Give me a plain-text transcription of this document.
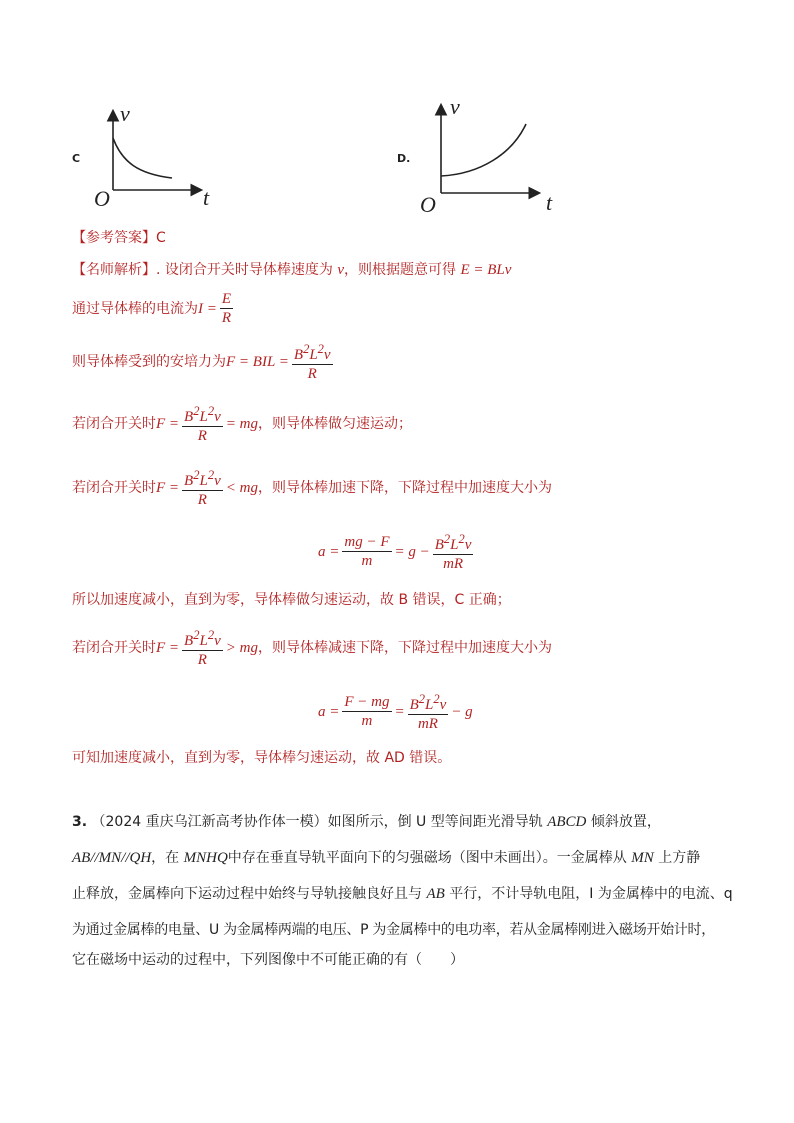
C
v
O	t
D.
v
O	t
【参考答案】C
【名师解析】. 设闭合开关时导体棒速度为 v，则根据题意可得 E = BLv
通过导体棒的电流为 $I = \frac{E}{R}$
则导体棒受到的安培力为 F = BIL = $\frac{B^2L^2v}{R}$
若闭合开关时 $F = \frac{B^2L^2v}{R}$ = mg ，则导体棒做匀速运动；
若闭合开关时 $F = \frac{B^2L^2v}{R}$ < mg ，则导体棒加速下降，下降过程中加速度大小为
$a = \frac{mg - F}{m} = g - \frac{B^2L^2v}{mR}$
所以加速度减小，直到为零，导体棒做匀速运动，故 B 错误，C 正确；
若闭合开关时 $F = \frac{B^2L^2v}{R}$ > mg ，则导体棒减速下降，下降过程中加速度大小为
$a = \frac{F - mg}{m} = \frac{B^2L^2v}{mR} - g$
可知加速度减小，直到为零，导体棒匀速运动，故 AD 错误。
3. （2024 重庆乌江新高考协作体一模）如图所示，倒 U 型等间距光滑导轨 ABCD 倾斜放置，
AB//MN//QH，在 MNHQ中存在垂直导轨平面向下的匀强磁场（图中未画出）。一金属棒从 MN 上方静
止释放，金属棒向下运动过程中始终与导轨接触良好且与 AB 平行，不计导轨电阻，I 为金属棒中的电流、q
为通过金属棒的电量、U 为金属棒两端的电压、P 为金属棒中的电功率，若从金属棒刚进入磁场开始计时，
它在磁场中运动的过程中，下列图像中不可能正确的有（　　）
